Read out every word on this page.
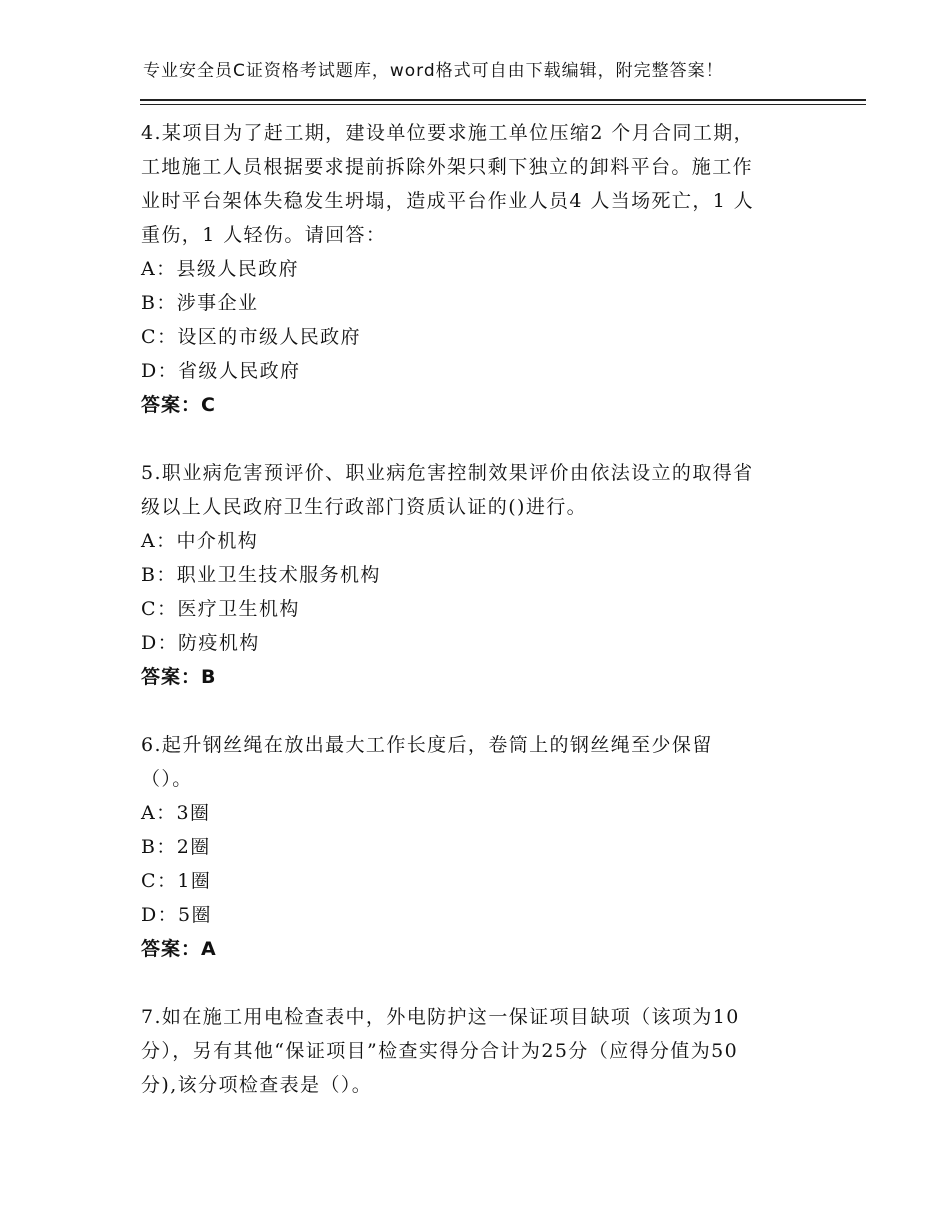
专业安全员C证资格考试题库，word格式可自由下载编辑，附完整答案！

4.某项目为了赶工期，建设单位要求施工单位压缩2 个月合同工期，

工地施工人员根据要求提前拆除外架只剩下独立的卸料平台。施工作

业时平台架体失稳发生坍塌，造成平台作业人员4 人当场死亡，1 人

重伤，1 人轻伤。请回答：

A：县级人民政府

B：涉事企业

C：设区的市级人民政府

D：省级人民政府

答案：C

5.职业病危害预评价、职业病危害控制效果评价由依法设立的取得省

级以上人民政府卫生行政部门资质认证的()进行。

A：中介机构

B：职业卫生技术服务机构

C：医疗卫生机构

D：防疫机构

答案：B

6.起升钢丝绳在放出最大工作长度后，卷筒上的钢丝绳至少保留

（）。

A：3圈

B：2圈

C：1圈

D：5圈

答案：A

7.如在施工用电检查表中，外电防护这一保证项目缺项（该项为10

分），另有其他“保证项目”检查实得分合计为25分（应得分值为50

分),该分项检查表是（）。
